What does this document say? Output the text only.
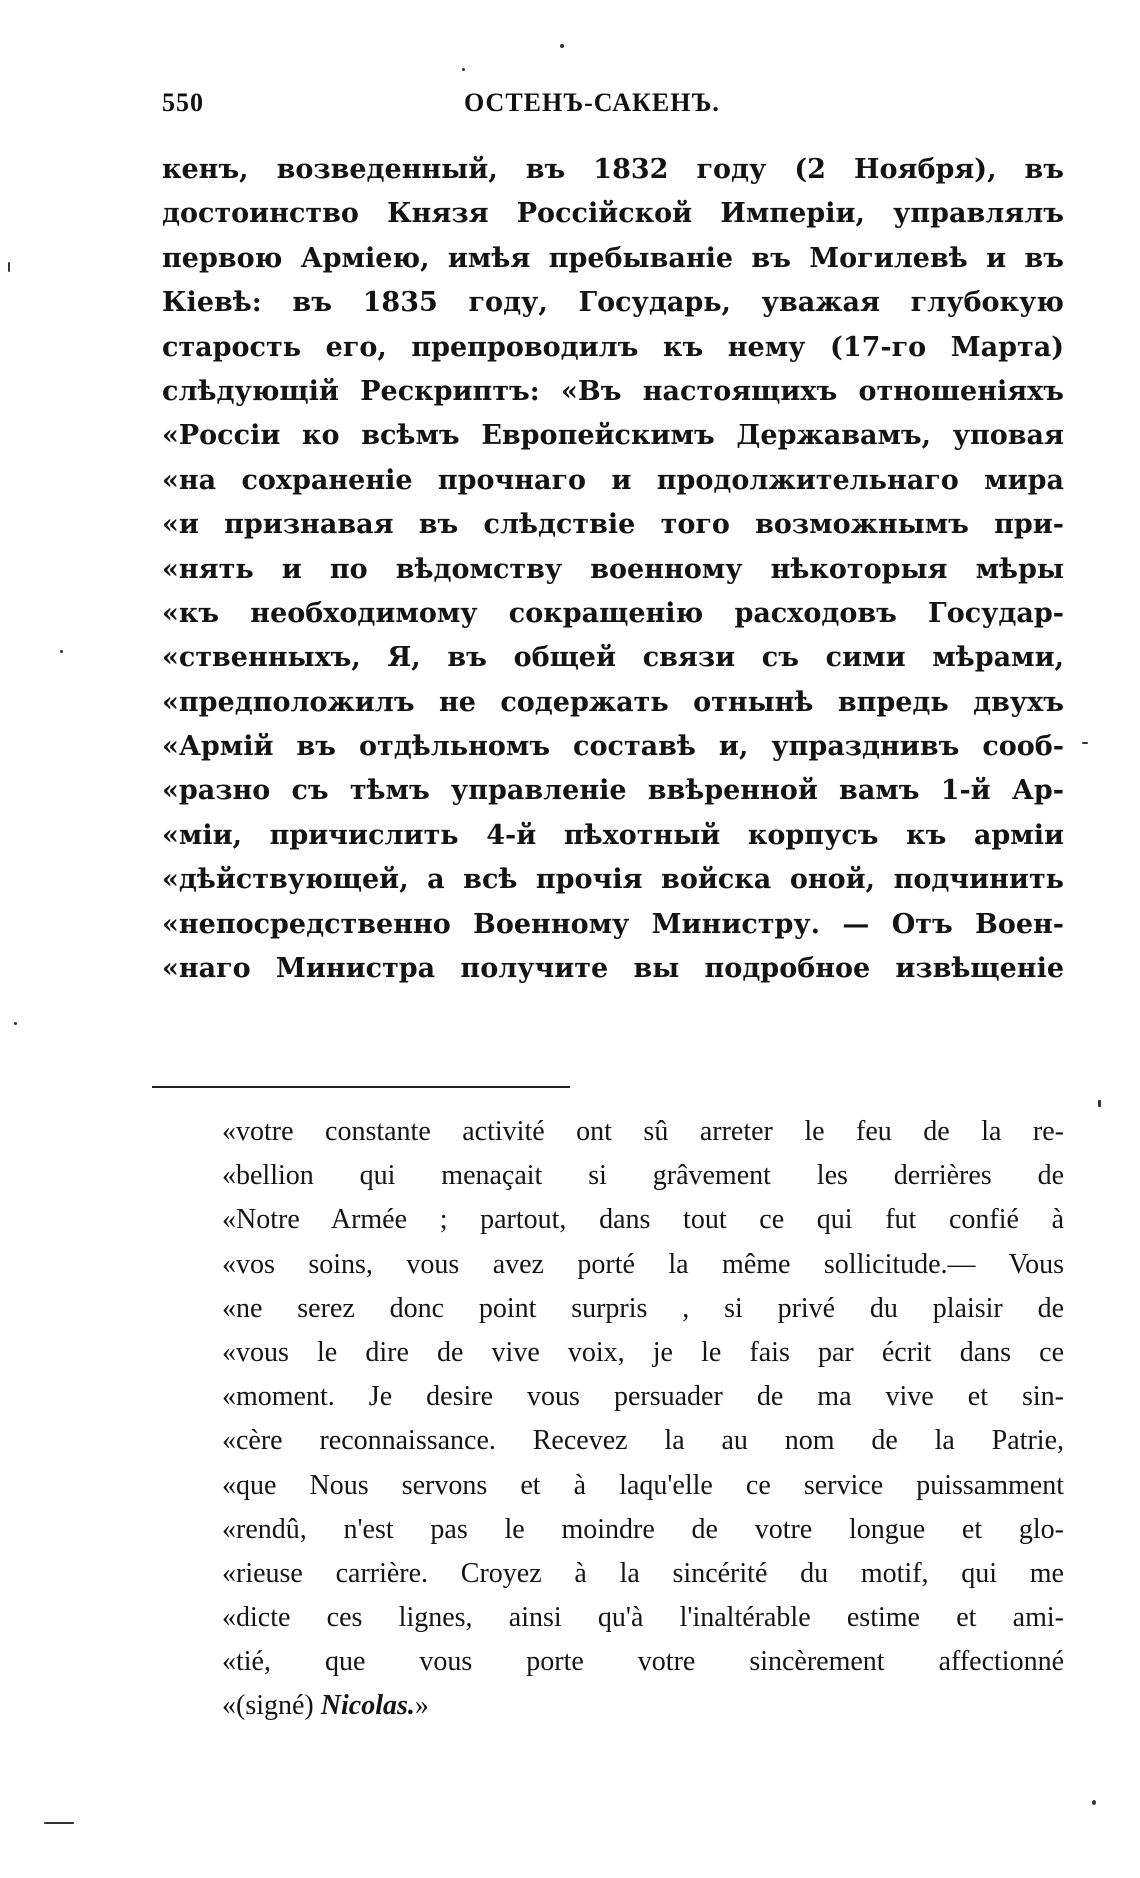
550	ОСТЕНЪ-САКЕНЪ.
кенъ, возведенный, въ 1832 году (2 Ноября), въ
достоинство Князя Россійской Имперіи, управлялъ
первою Арміею, имѣя пребываніе въ Могилевѣ и въ
Кіевѣ: въ 1835 году, Государь, уважая глубокую
старость его, препроводилъ къ нему (17-го Марта)
слѣдующій Рескриптъ: «Въ настоящихъ отношеніяхъ
«Россіи ко всѣмъ Европейскимъ Державамъ, уповая
«на сохраненіе прочнаго и продолжительнаго мира
«и признавая въ слѣдствіе того возможнымъ при-
«нять и по вѣдомству военному нѣкоторыя мѣры
«къ необходимому сокращенію расходовъ Государ-
«ственныхъ, Я, въ общей связи съ сими мѣрами,
«предположилъ не содержать отнынѣ впредь двухъ
«Армій въ отдѣльномъ составѣ и, упразднивъ сооб-
«разно съ тѣмъ управленіе ввѣренной вамъ 1-й Ар-
«міи, причислить 4-й пѣхотный корпусъ къ арміи
«дѣйствующей, а всѣ прочія войска оной, подчинить
«непосредственно Военному Министру. — Отъ Воен-
«наго Министра получите вы подробное извѣщеніе
«votre constante activité ont sû arreter le feu de la re-
«bellion qui menaçait si grâvement les derrières de
«Notre Armée ; partout, dans tout ce qui fut confié à
«vos soins, vous avez porté la même sollicitude.— Vous
«ne serez donc point surpris , si privé du plaisir de
«vous le dire de vive voix, je le fais par écrit dans ce
«moment. Je desire vous persuader de ma vive et sin-
«cère reconnaissance. Recevez la au nom de la Patrie,
«que Nous servons et à laqu'elle ce service puissamment
«rendû, n'est pas le moindre de votre longue et glo-
«rieuse carrière. Croyez à la sincérité du motif, qui me
«dicte ces lignes, ainsi qu'à l'inaltérable estime et ami-
«tié, que vous porte votre sincèrement affectionné
«(signé) Nicolas.»
